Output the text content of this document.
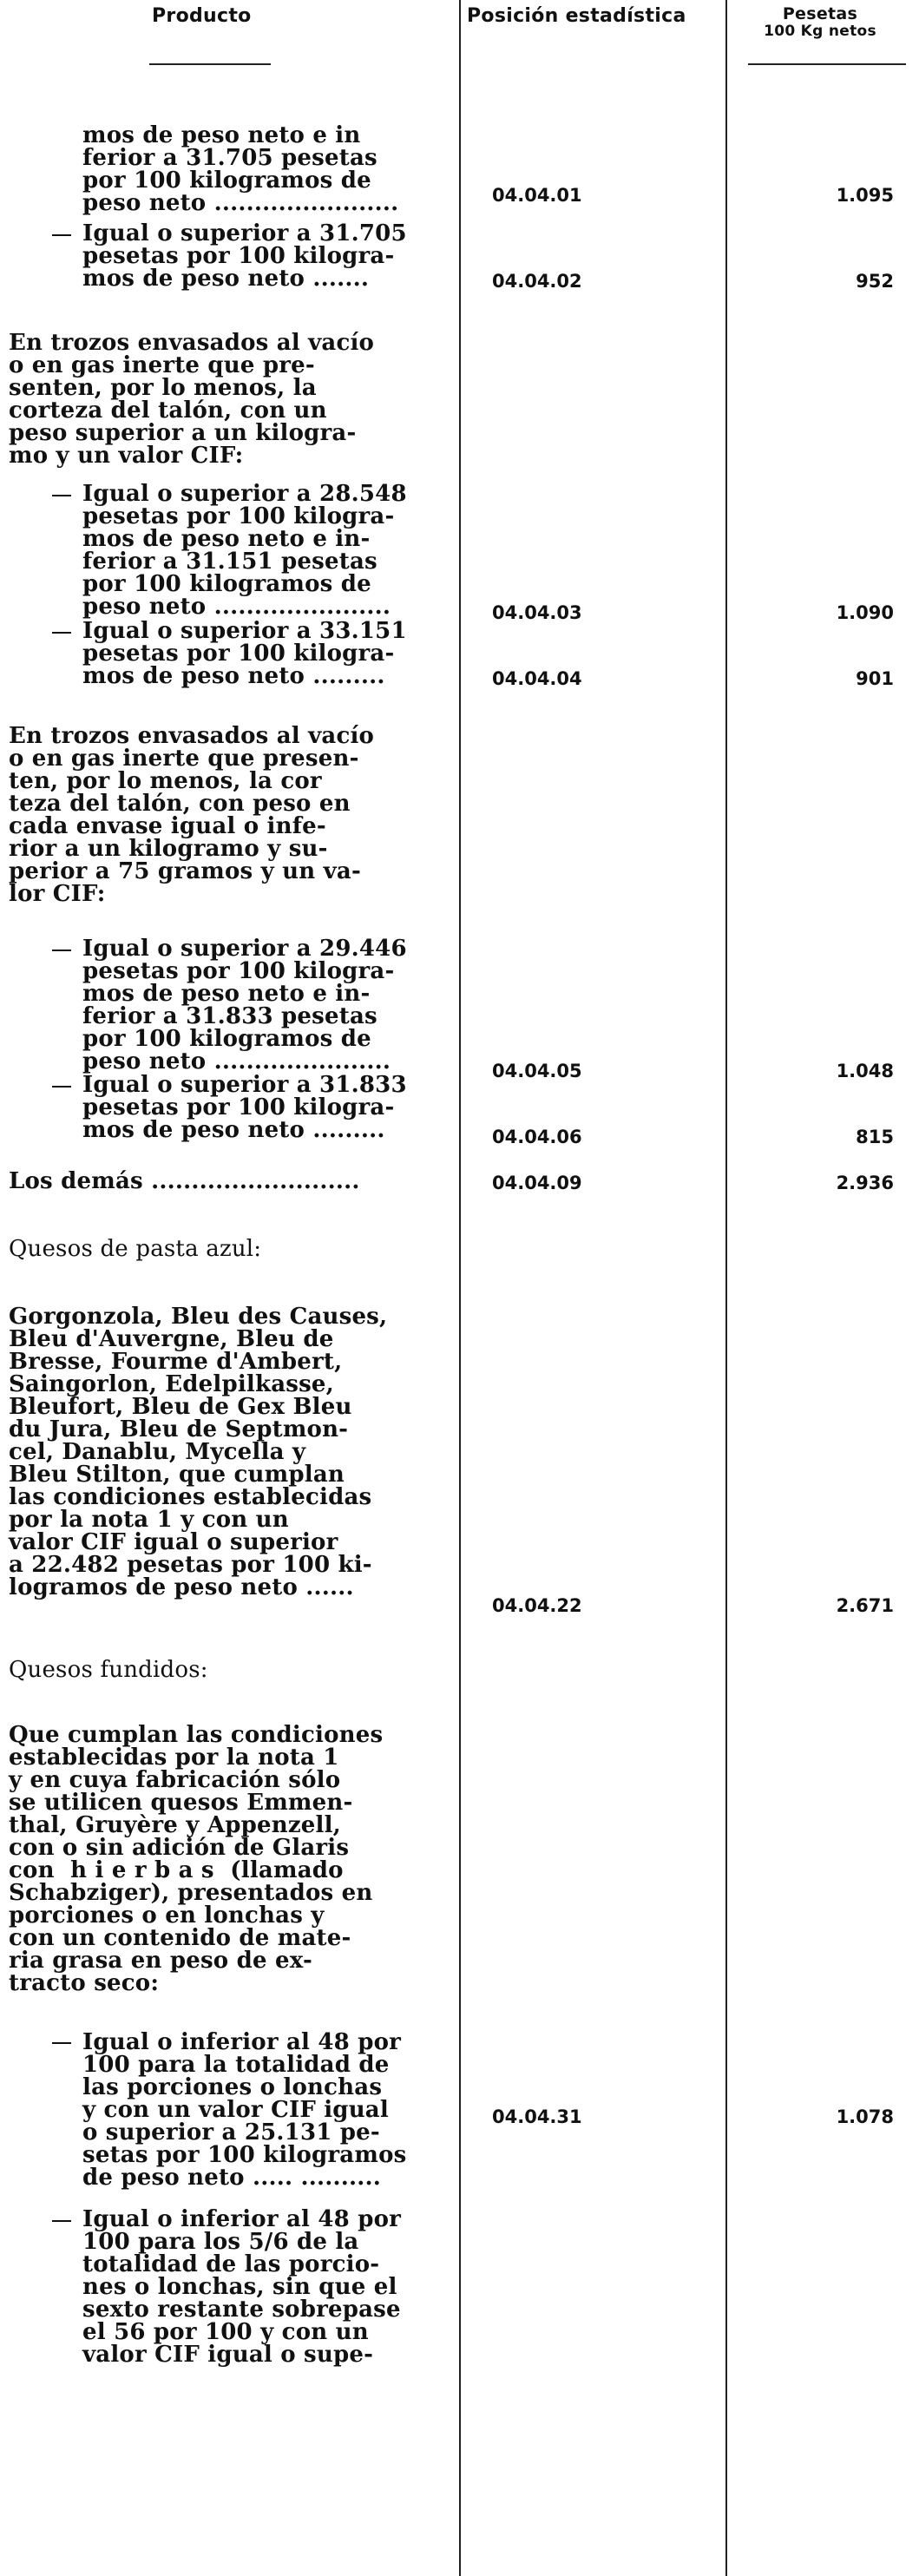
Producto	Posición estadística	Pesetas
100 Kg netos
mos de peso neto e in
ferior a 31.705 pesetas
por 100 kilogramos de
peso neto .......................
Igual o superior a 31.705
pesetas por 100 kilogra-
mos de peso neto .......
En trozos envasados al vacío
o en gas inerte que pre-
senten, por lo menos, la
corteza del talón, con un
peso superior a un kilogra-
mo y un valor CIF:
Igual o superior a 28.548
pesetas por 100 kilogra-
mos de peso neto e in-
ferior a 31.151 pesetas
por 100 kilogramos de
peso neto ......................
Igual o superior a 33.151
pesetas por 100 kilogra-
mos de peso neto .........
En trozos envasados al vacío
o en gas inerte que presen-
ten, por lo menos, la cor
teza del talón, con peso en
cada envase igual o infe-
rior a un kilogramo y su-
perior a 75 gramos y un va-
lor CIF:
Igual o superior a 29.446
pesetas por 100 kilogra-
mos de peso neto e in-
ferior a 31.833 pesetas
por 100 kilogramos de
peso neto ......................
Igual o superior a 31.833
pesetas por 100 kilogra-
mos de peso neto .........
Los demás ..........................
Quesos de pasta azul:
Gorgonzola, Bleu des Causes,
Bleu d'Auvergne, Bleu de
Bresse, Fourme d'Ambert,
Saingorlon, Edelpilkasse,
Bleufort, Bleu de Gex Bleu
du Jura, Bleu de Septmon-
cel, Danablu, Mycella y
Bleu Stilton, que cumplan
las condiciones establecidas
por la nota 1 y con un
valor CIF igual o superior
a 22.482 pesetas por 100 ki-
logramos de peso neto ......
Quesos fundidos:
Que cumplan las condiciones
establecidas por la nota 1
y en cuya fabricación sólo
se utilicen quesos Emmen-
thal, Gruyère y Appenzell,
con o sin adición de Glaris
con  h i e r b a s  (llamado
Schabziger), presentados en
porciones o en lonchas y
con un contenido de mate-
ria grasa en peso de ex-
tracto seco:
Igual o inferior al 48 por
100 para la totalidad de
las porciones o lonchas
y con un valor CIF igual
o superior a 25.131 pe-
setas por 100 kilogramos
de peso neto ..... ..........
Igual o inferior al 48 por
100 para los 5/6 de la
totalidad de las porcio-
nes o lonchas, sin que el
sexto restante sobrepase
el 56 por 100 y con un
valor CIF igual o supe-
04.04.01
04.04.02
04.04.03
04.04.04
04.04.05
04.04.06
04.04.09
04.04.22
04.04.31
1.095
952
1.090
901
1.048
815
2.936
2.671
1.078
